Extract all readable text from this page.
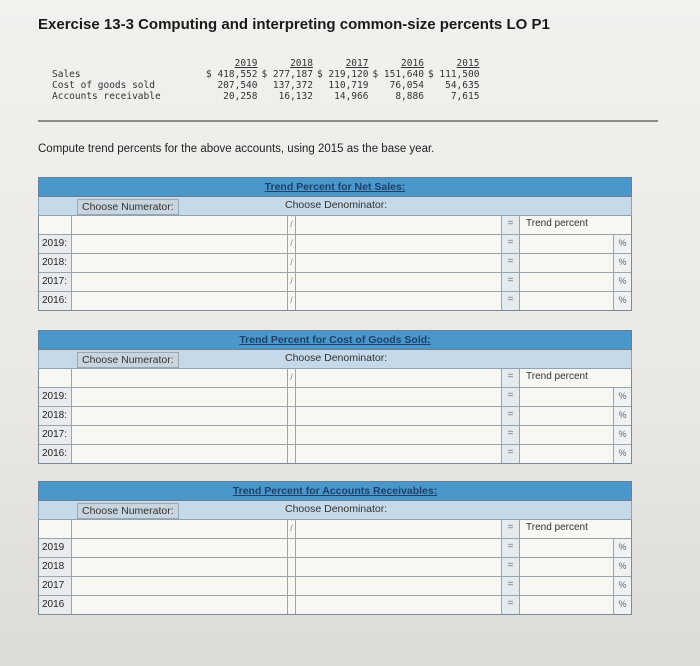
Exercise 13-3 Computing and interpreting common-size percents LO P1
	2019	2018	2017	2016	2015
Sales	$ 418,552	$ 277,187	$ 219,120	$ 151,640	$ 111,500
Cost of goods sold	207,540	137,372	110,719	76,054	54,635
Accounts receivable	20,258	16,132	14,966	8,886	7,615
Compute trend percents for the above accounts, using 2015 as the base year.
Trend Percent for Net Sales:
Choose Numerator:	Choose Denominator:
/	=	Trend percent
2019:	/	=	%
2018:	/	=	%
2017:	/	=	%
2016:	/	=	%
Trend Percent for Cost of Goods Sold:
Choose Numerator:	Choose Denominator:
/	=	Trend percent
2019:	=	%
2018:	=	%
2017:	=	%
2016:	=	%
Trend Percent for Accounts Receivables:
Choose Numerator:	Choose Denominator:
/	=	Trend percent
2019	=	%
2018	=	%
2017	=	%
2016	=	%
